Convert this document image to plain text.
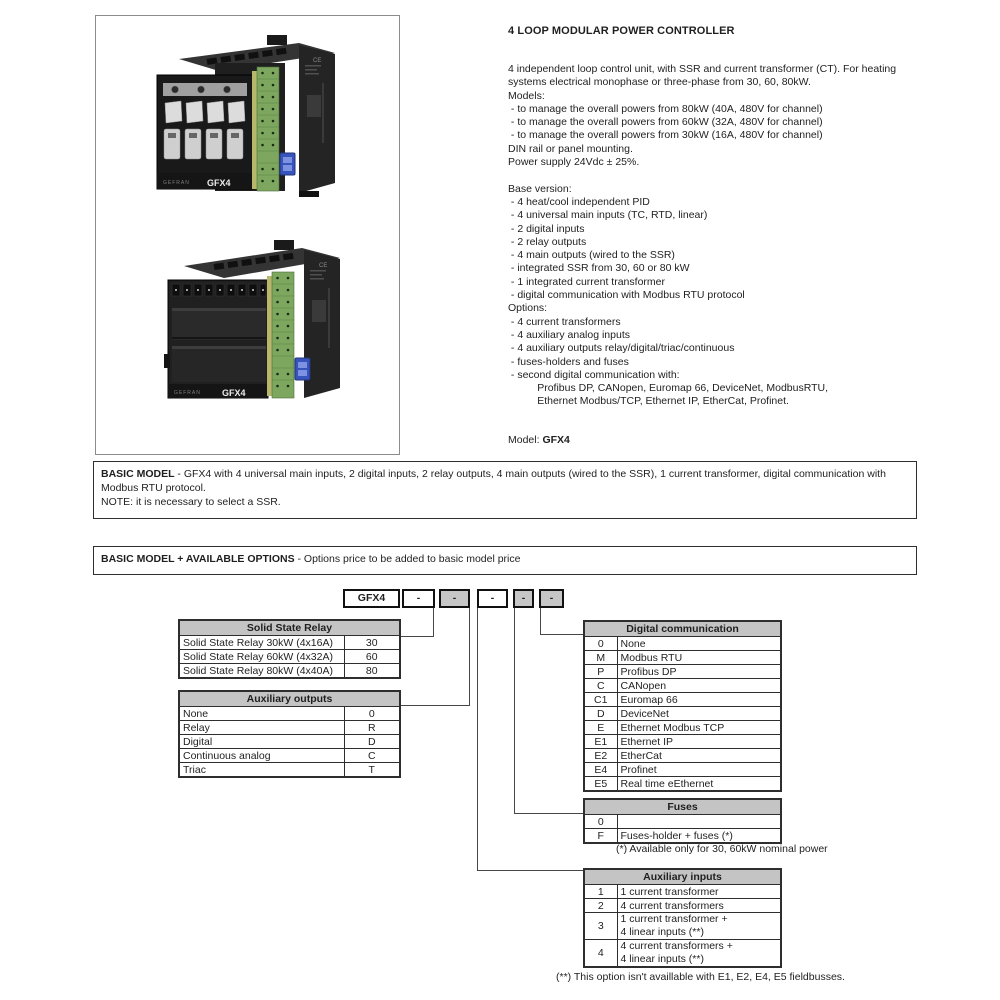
CE
GEFRAN GFX4
CE
GEFRAN GFX4
4 LOOP MODULAR POWER CONTROLLER
4 independent loop control unit, with SSR and current transformer (CT). For heating
systems electrical monophase or three-phase from 30, 60, 80kW.
Models:
- to manage the overall powers from 80kW (40A, 480V for channel)
- to manage the overall powers from 60kW (32A, 480V for channel)
- to manage the overall powers from 30kW (16A, 480V for channel)
DIN rail or panel mounting.
Power supply 24Vdc ± 25%.

Base version:
- 4 heat/cool independent PID
- 4 universal main inputs (TC, RTD, linear)
- 2 digital inputs
- 2 relay outputs
- 4 main outputs (wired to the SSR)
- integrated SSR from 30, 60 or 80 kW
- 1 integrated current transformer
- digital communication with Modbus RTU protocol
Options:
- 4 current transformers
- 4 auxiliary analog inputs
- 4 auxiliary outputs relay/digital/triac/continuous
- fuses-holders and fuses
- second digital communication with:
Profibus DP, CANopen, Euromap 66, DeviceNet, ModbusRTU,
Ethernet Modbus/TCP, Ethernet IP, EtherCat, Profinet.
Model: GFX4
BASIC MODEL - GFX4 with 4 universal main inputs, 2 digital inputs, 2 relay outputs, 4 main outputs (wired to the SSR), 1 current transformer, digital communication with Modbus RTU protocol.
NOTE: it is necessary to select a SSR.
BASIC MODEL + AVAILABLE OPTIONS - Options price to be added to basic model price
GFX4	-	-	-	-	-
Solid State Relay	
Solid State Relay 30kW (4x16A)	30
Solid State Relay 60kW (4x32A)	60
Solid State Relay 80kW (4x40A)	80
Auxiliary outputs	
None	0
Relay	R
Digital	D
Continuous analog	C
Triac	T
Digital communication	
0	None
M	Modbus RTU
P	Profibus DP
C	CANopen
C1	Euromap 66
D	DeviceNet
E	Ethernet Modbus TCP
E1	Ethernet IP
E2	EtherCat
E4	Profinet
E5	Real time eEthernet
Fuses	
0	
F	Fuses-holder + fuses (*)
(*) Available only for 30, 60kW nominal power
Auxiliary inputs	
1	1 current transformer
2	4 current transformers
3	1 current transformer +
4 linear inputs (**)

4	4 current transformers +
4 linear inputs (**)
(**) This option isn't availlable with E1, E2, E4, E5 fieldbusses.
